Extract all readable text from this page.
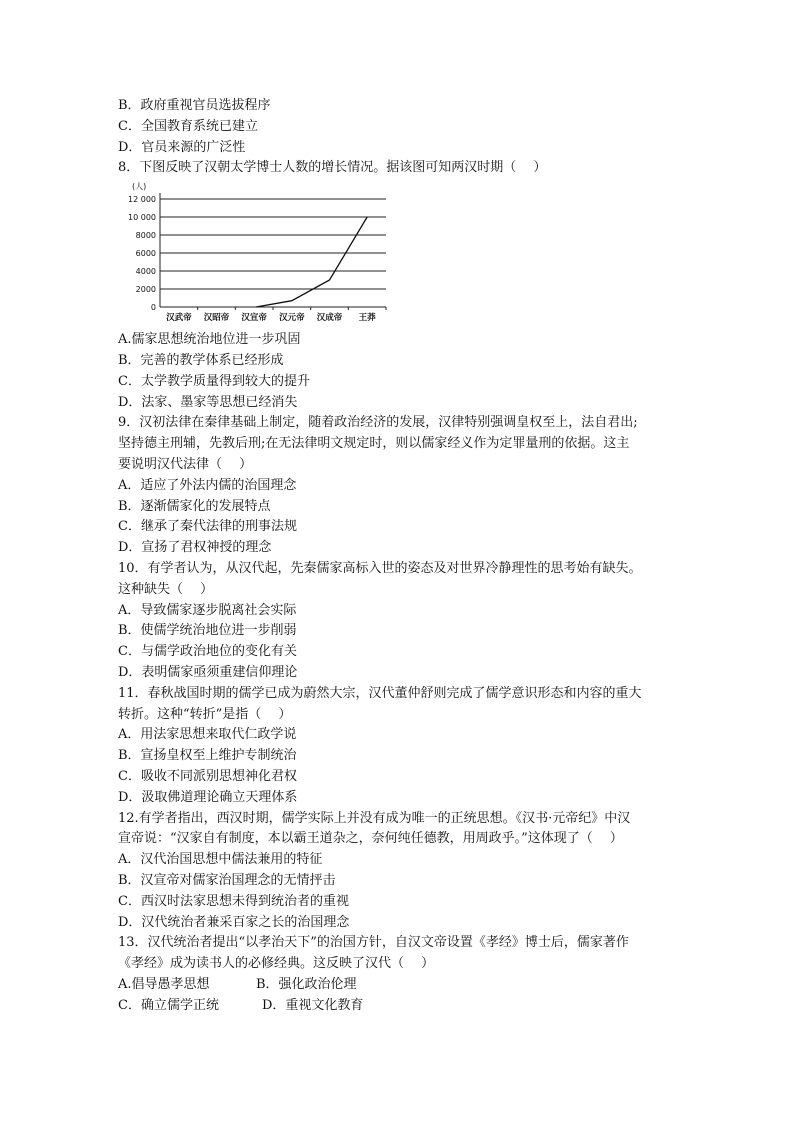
B．政府重视官员选拔程序
C．全国教育系统已建立
D．官员来源的广泛性
8．下图反映了汉朝太学博士人数的增长情况。据该图可知两汉时期（　 ）
(人)
0
2000
4000
6000
8000
10 000
12 000
汉武帝 汉昭帝 汉宣帝 汉元帝 汉成帝 王莽
A.儒家思想统治地位进一步巩固
B．完善的教学体系已经形成
C．太学教学质量得到较大的提升
D．法家、墨家等思想已经消失
9．汉初法律在秦律基础上制定，随着政治经济的发展，汉律特别强调皇权至上，法自君出;
坚持德主刑辅，先教后刑;在无法律明文规定时，则以儒家经义作为定罪量刑的依据。这主
要说明汉代法律（　 ）
A．适应了外法内儒的治国理念
B．逐渐儒家化的发展特点
C．继承了秦代法律的刑事法规
D．宣扬了君权神授的理念
10．有学者认为，从汉代起，先秦儒家高标入世的姿态及对世界冷静理性的思考始有缺失。
这种缺失（　 ）
A．导致儒家逐步脱离社会实际
B．使儒学统治地位进一步削弱
C．与儒学政治地位的变化有关
D．表明儒家亟须重建信仰理论
11．春秋战国时期的儒学已成为蔚然大宗，汉代董仲舒则完成了儒学意识形态和内容的重大
转折。这种“转折”是指（　 ）
A．用法家思想来取代仁政学说
B．宣扬皇权至上维护专制统治
C．吸收不同派别思想神化君权
D．汲取佛道理论确立天理体系
12.有学者指出，西汉时期，儒学实际上并没有成为唯一的正统思想。《汉书·元帝纪》中汉
宣帝说：“汉家自有制度，本以霸王道杂之，奈何纯任德教，用周政乎。”这体现了（　 ）
A．汉代治国思想中儒法兼用的特征
B．汉宣帝对儒家治国理念的无情抨击
C．西汉时法家思想未得到统治者的重视
D．汉代统治者兼采百家之长的治国理念
13．汉代统治者提出“以孝治天下”的治国方针，自汉文帝设置《孝经》博士后，儒家著作
《孝经》成为读书人的必修经典。这反映了汉代（　 ）
A.倡导愚孝思想	B．强化政治伦理
C．确立儒学正统	D．重视文化教育
